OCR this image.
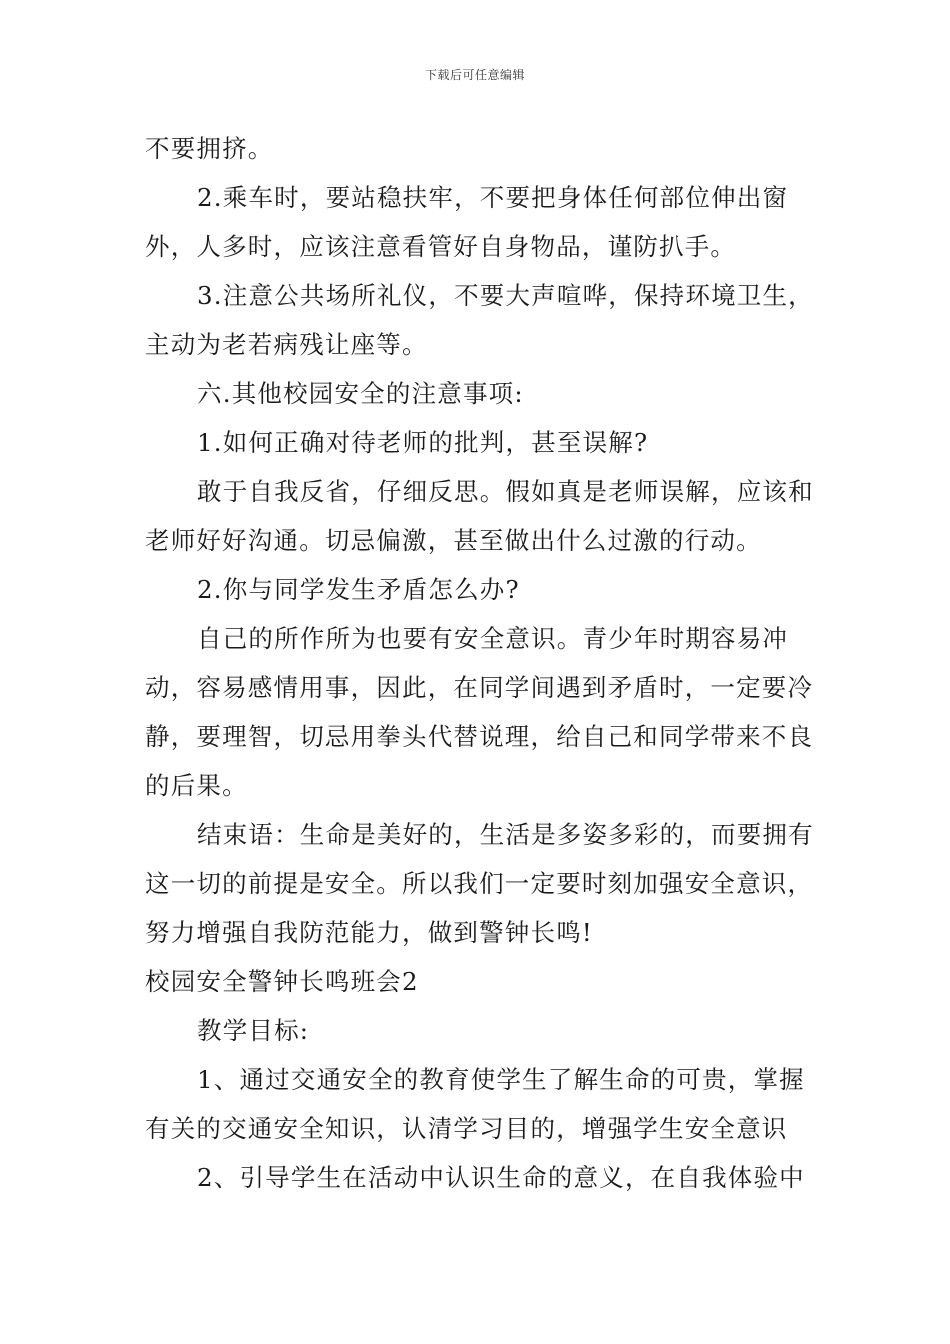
下载后可任意编辑

不要拥挤。

2.乘车时，要站稳扶牢，不要把身体任何部位伸出窗外，人多时，应该注意看管好自身物品，谨防扒手。

3.注意公共场所礼仪，不要大声喧哗，保持环境卫生，主动为老若病残让座等。

六.其他校园安全的注意事项:

1.如何正确对待老师的批判，甚至误解?

敢于自我反省，仔细反思。假如真是老师误解，应该和老师好好沟通。切忌偏激，甚至做出什么过激的行动。

2.你与同学发生矛盾怎么办?

自己的所作所为也要有安全意识。青少年时期容易冲动，容易感情用事，因此，在同学间遇到矛盾时，一定要冷静，要理智，切忌用拳头代替说理，给自己和同学带来不良的后果。

结束语：生命是美好的，生活是多姿多彩的，而要拥有这一切的前提是安全。所以我们一定要时刻加强安全意识，努力增强自我防范能力，做到警钟长鸣!

校园安全警钟长鸣班会2

教学目标:

1、通过交通安全的教育使学生了解生命的可贵，掌握有关的交通安全知识，认清学习目的，增强学生安全意识

2、引导学生在活动中认识生命的意义，在自我体验中
